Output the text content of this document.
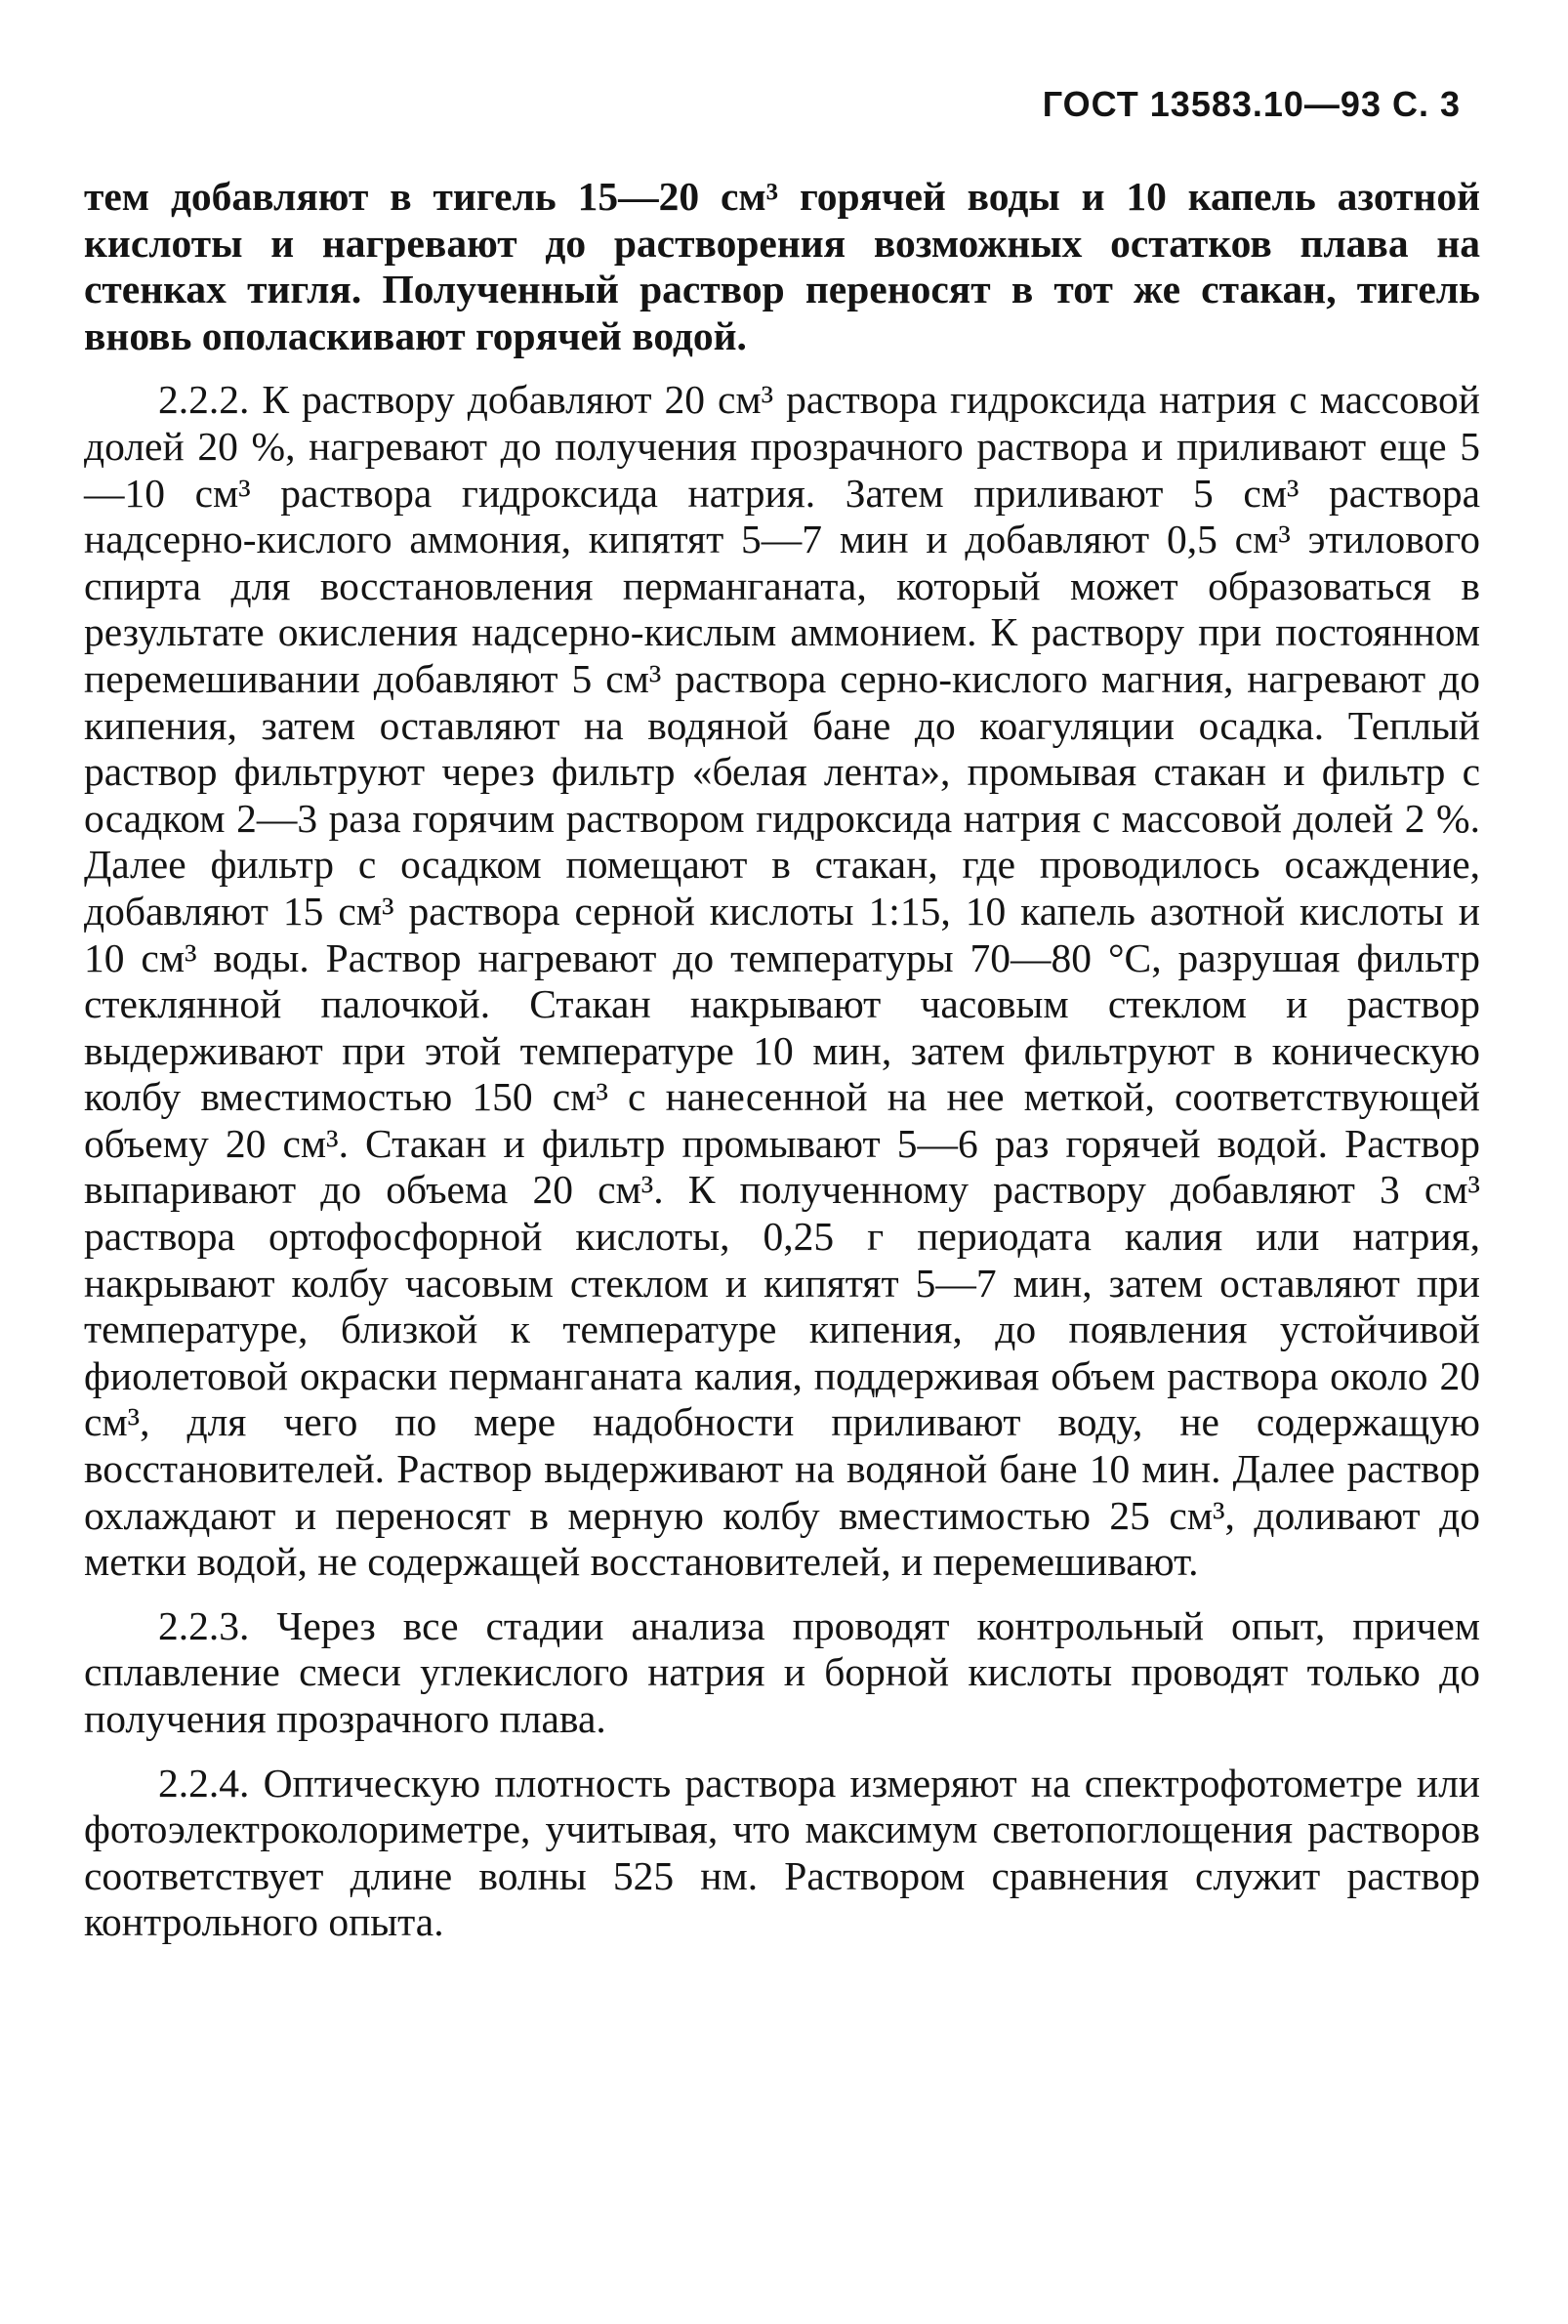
ГОСТ 13583.10—93 С. 3

тем добавляют в тигель 15—20 см³ горячей воды и 10 капель азотной кислоты и нагревают до растворения возможных остатков плава на стенках тигля. Полученный раствор переносят в тот же стакан, тигель вновь ополаскивают горячей водой.

2.2.2. К раствору добавляют 20 см³ раствора гидроксида натрия с массовой долей 20 %, нагревают до получения прозрачного раствора и приливают еще 5—10 см³ раствора гидроксида натрия. Затем приливают 5 см³ раствора надсерно-кислого аммония, кипятят 5—7 мин и добавляют 0,5 см³ этилового спирта для восстановления перманганата, который может образоваться в результате окисления надсерно-кислым аммонием. К раствору при постоянном перемешивании добавляют 5 см³ раствора серно-кислого магния, нагревают до кипения, затем оставляют на водяной бане до коагуляции осадка. Теплый раствор фильтруют через фильтр «белая лента», промывая стакан и фильтр с осадком 2—3 раза горячим раствором гидроксида натрия с массовой долей 2 %. Далее фильтр с осадком помещают в стакан, где проводилось осаждение, добавляют 15 см³ раствора серной кислоты 1:15, 10 капель азотной кислоты и 10 см³ воды. Раствор нагревают до температуры 70—80 °С, разрушая фильтр стеклянной палочкой. Стакан накрывают часовым стеклом и раствор выдерживают при этой температуре 10 мин, затем фильтруют в коническую колбу вместимостью 150 см³ с нанесенной на нее меткой, соответствующей объему 20 см³. Стакан и фильтр промывают 5—6 раз горячей водой. Раствор выпаривают до объема 20 см³. К полученному раствору добавляют 3 см³ раствора ортофосфорной кислоты, 0,25 г периодата калия или натрия, накрывают колбу часовым стеклом и кипятят 5—7 мин, затем оставляют при температуре, близкой к температуре кипения, до появления устойчивой фиолетовой окраски перманганата калия, поддерживая объем раствора около 20 см³, для чего по мере надобности приливают воду, не содержащую восстановителей. Раствор выдерживают на водяной бане 10 мин. Далее раствор охлаждают и переносят в мерную колбу вместимостью 25 см³, доливают до метки водой, не содержащей восстановителей, и перемешивают.

2.2.3. Через все стадии анализа проводят контрольный опыт, причем сплавление смеси углекислого натрия и борной кислоты проводят только до получения прозрачного плава.

2.2.4. Оптическую плотность раствора измеряют на спектрофотометре или фотоэлектроколориметре, учитывая, что максимум светопоглощения растворов соответствует длине волны 525 нм. Раствором сравнения служит раствор контрольного опыта.
